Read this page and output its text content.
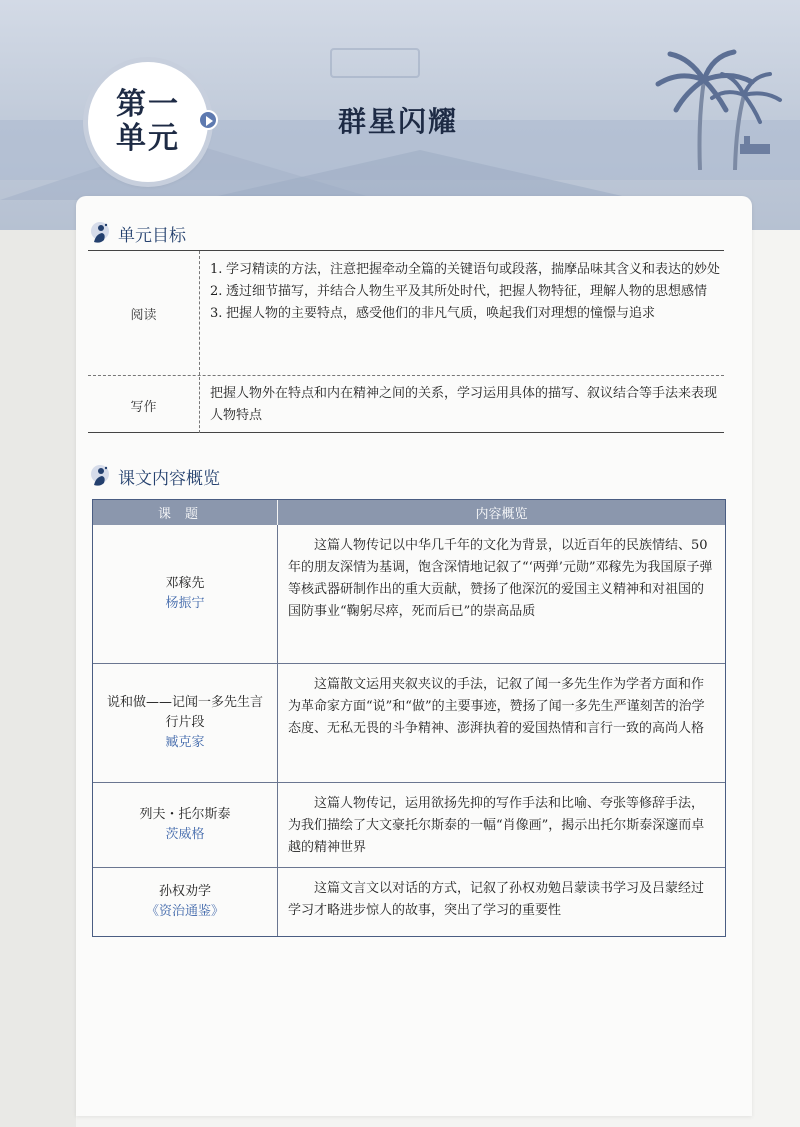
第一
单元	群星闪耀
单元目标
阅读
1. 学习精读的方法，注意把握牵动全篇的关键语句或段落，揣摩品味其含义和表达的妙处
2. 透过细节描写，并结合人物生平及其所处时代，把握人物特征，理解人物的思想感情
3. 把握人物的主要特点，感受他们的非凡气质，唤起我们对理想的憧憬与追求
写作
把握人物外在特点和内在精神之间的关系，学习运用具体的描写、叙议结合等手法来表现人物特点
课文内容概览
课题	内容概览
邓稼先
杨振宁
这篇人物传记以中华几千年的文化为背景，以近百年的民族情结、50年的朋友深情为基调，饱含深情地记叙了“‘两弹’元勋”邓稼先为我国原子弹等核武器研制作出的重大贡献，赞扬了他深沉的爱国主义精神和对祖国的国防事业“鞠躬尽瘁，死而后已”的崇高品质
说和做——记闻一多先生言行片段
臧克家
这篇散文运用夹叙夹议的手法，记叙了闻一多先生作为学者方面和作为革命家方面“说”和“做”的主要事迹，赞扬了闻一多先生严谨刻苦的治学态度、无私无畏的斗争精神、澎湃执着的爱国热情和言行一致的高尚人格
列夫・托尔斯泰
茨威格
这篇人物传记，运用欲扬先抑的写作手法和比喻、夸张等修辞手法，为我们描绘了大文豪托尔斯泰的一幅“肖像画”，揭示出托尔斯泰深邃而卓越的精神世界
孙权劝学
《资治通鉴》
这篇文言文以对话的方式，记叙了孙权劝勉吕蒙读书学习及吕蒙经过学习才略进步惊人的故事，突出了学习的重要性
